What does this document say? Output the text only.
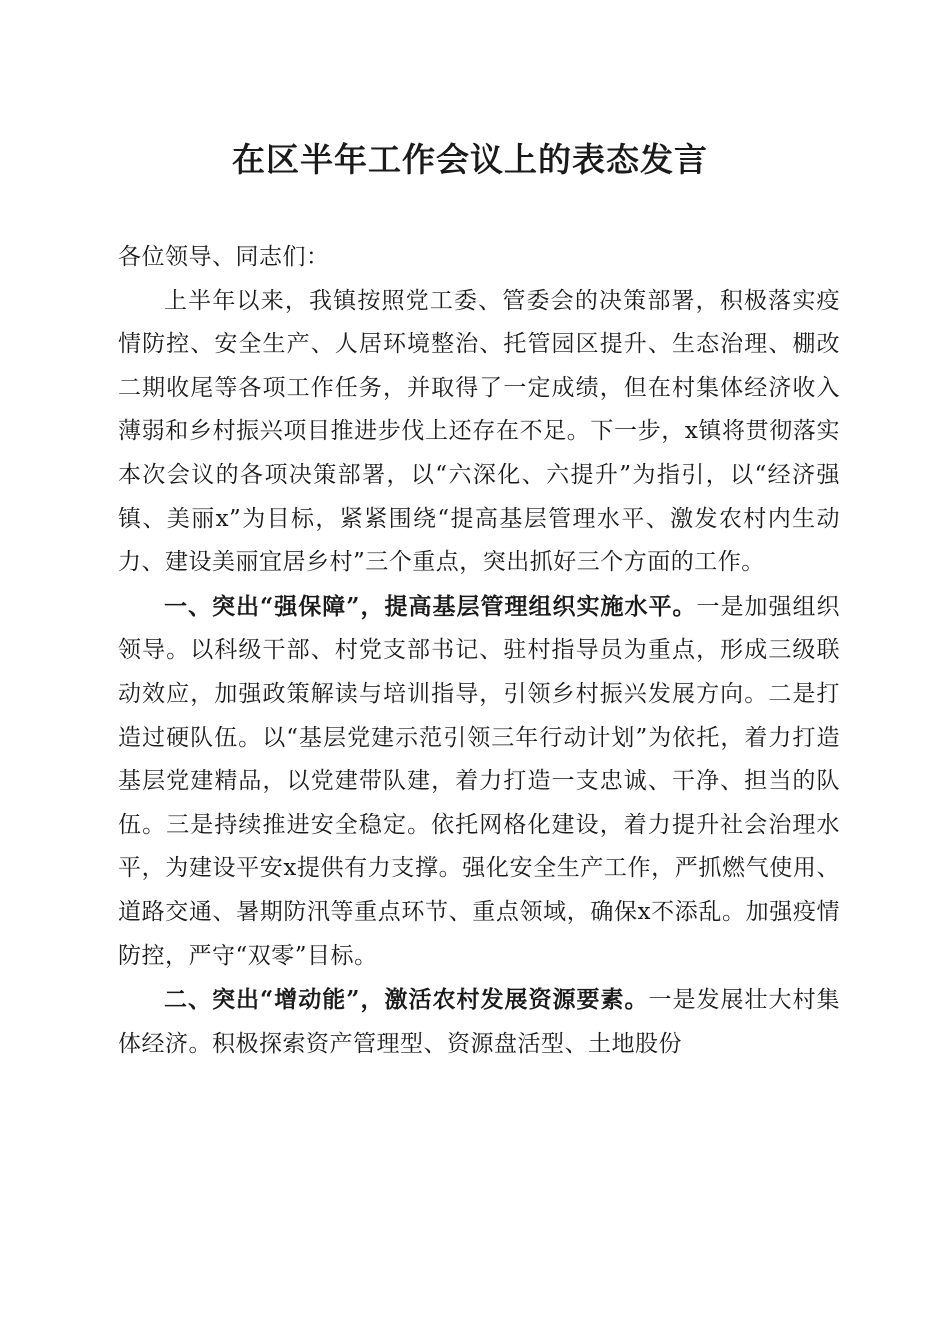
在区半年工作会议上的表态发言

各位领导、同志们：

上半年以来，我镇按照党工委、管委会的决策部署，积极落实疫情防控、安全生产、人居环境整治、托管园区提升、生态治理、棚改二期收尾等各项工作任务，并取得了一定成绩，但在村集体经济收入薄弱和乡村振兴项目推进步伐上还存在不足。下一步，x镇将贯彻落实本次会议的各项决策部署，以“六深化、六提升”为指引，以“经济强镇、美丽x”为目标，紧紧围绕“提高基层管理水平、激发农村内生动力、建设美丽宜居乡村”三个重点，突出抓好三个方面的工作。

一、突出“强保障”，提高基层管理组织实施水平。一是加强组织领导。以科级干部、村党支部书记、驻村指导员为重点，形成三级联动效应，加强政策解读与培训指导，引领乡村振兴发展方向。二是打造过硬队伍。以“基层党建示范引领三年行动计划”为依托，着力打造基层党建精品，以党建带队建，着力打造一支忠诚、干净、担当的队伍。三是持续推进安全稳定。依托网格化建设，着力提升社会治理水平，为建设平安x提供有力支撑。强化安全生产工作，严抓燃气使用、道路交通、暑期防汛等重点环节、重点领域，确保x不添乱。加强疫情防控，严守“双零”目标。

二、突出“增动能”，激活农村发展资源要素。一是发展壮大村集体经济。积极探索资产管理型、资源盘活型、土地股份
